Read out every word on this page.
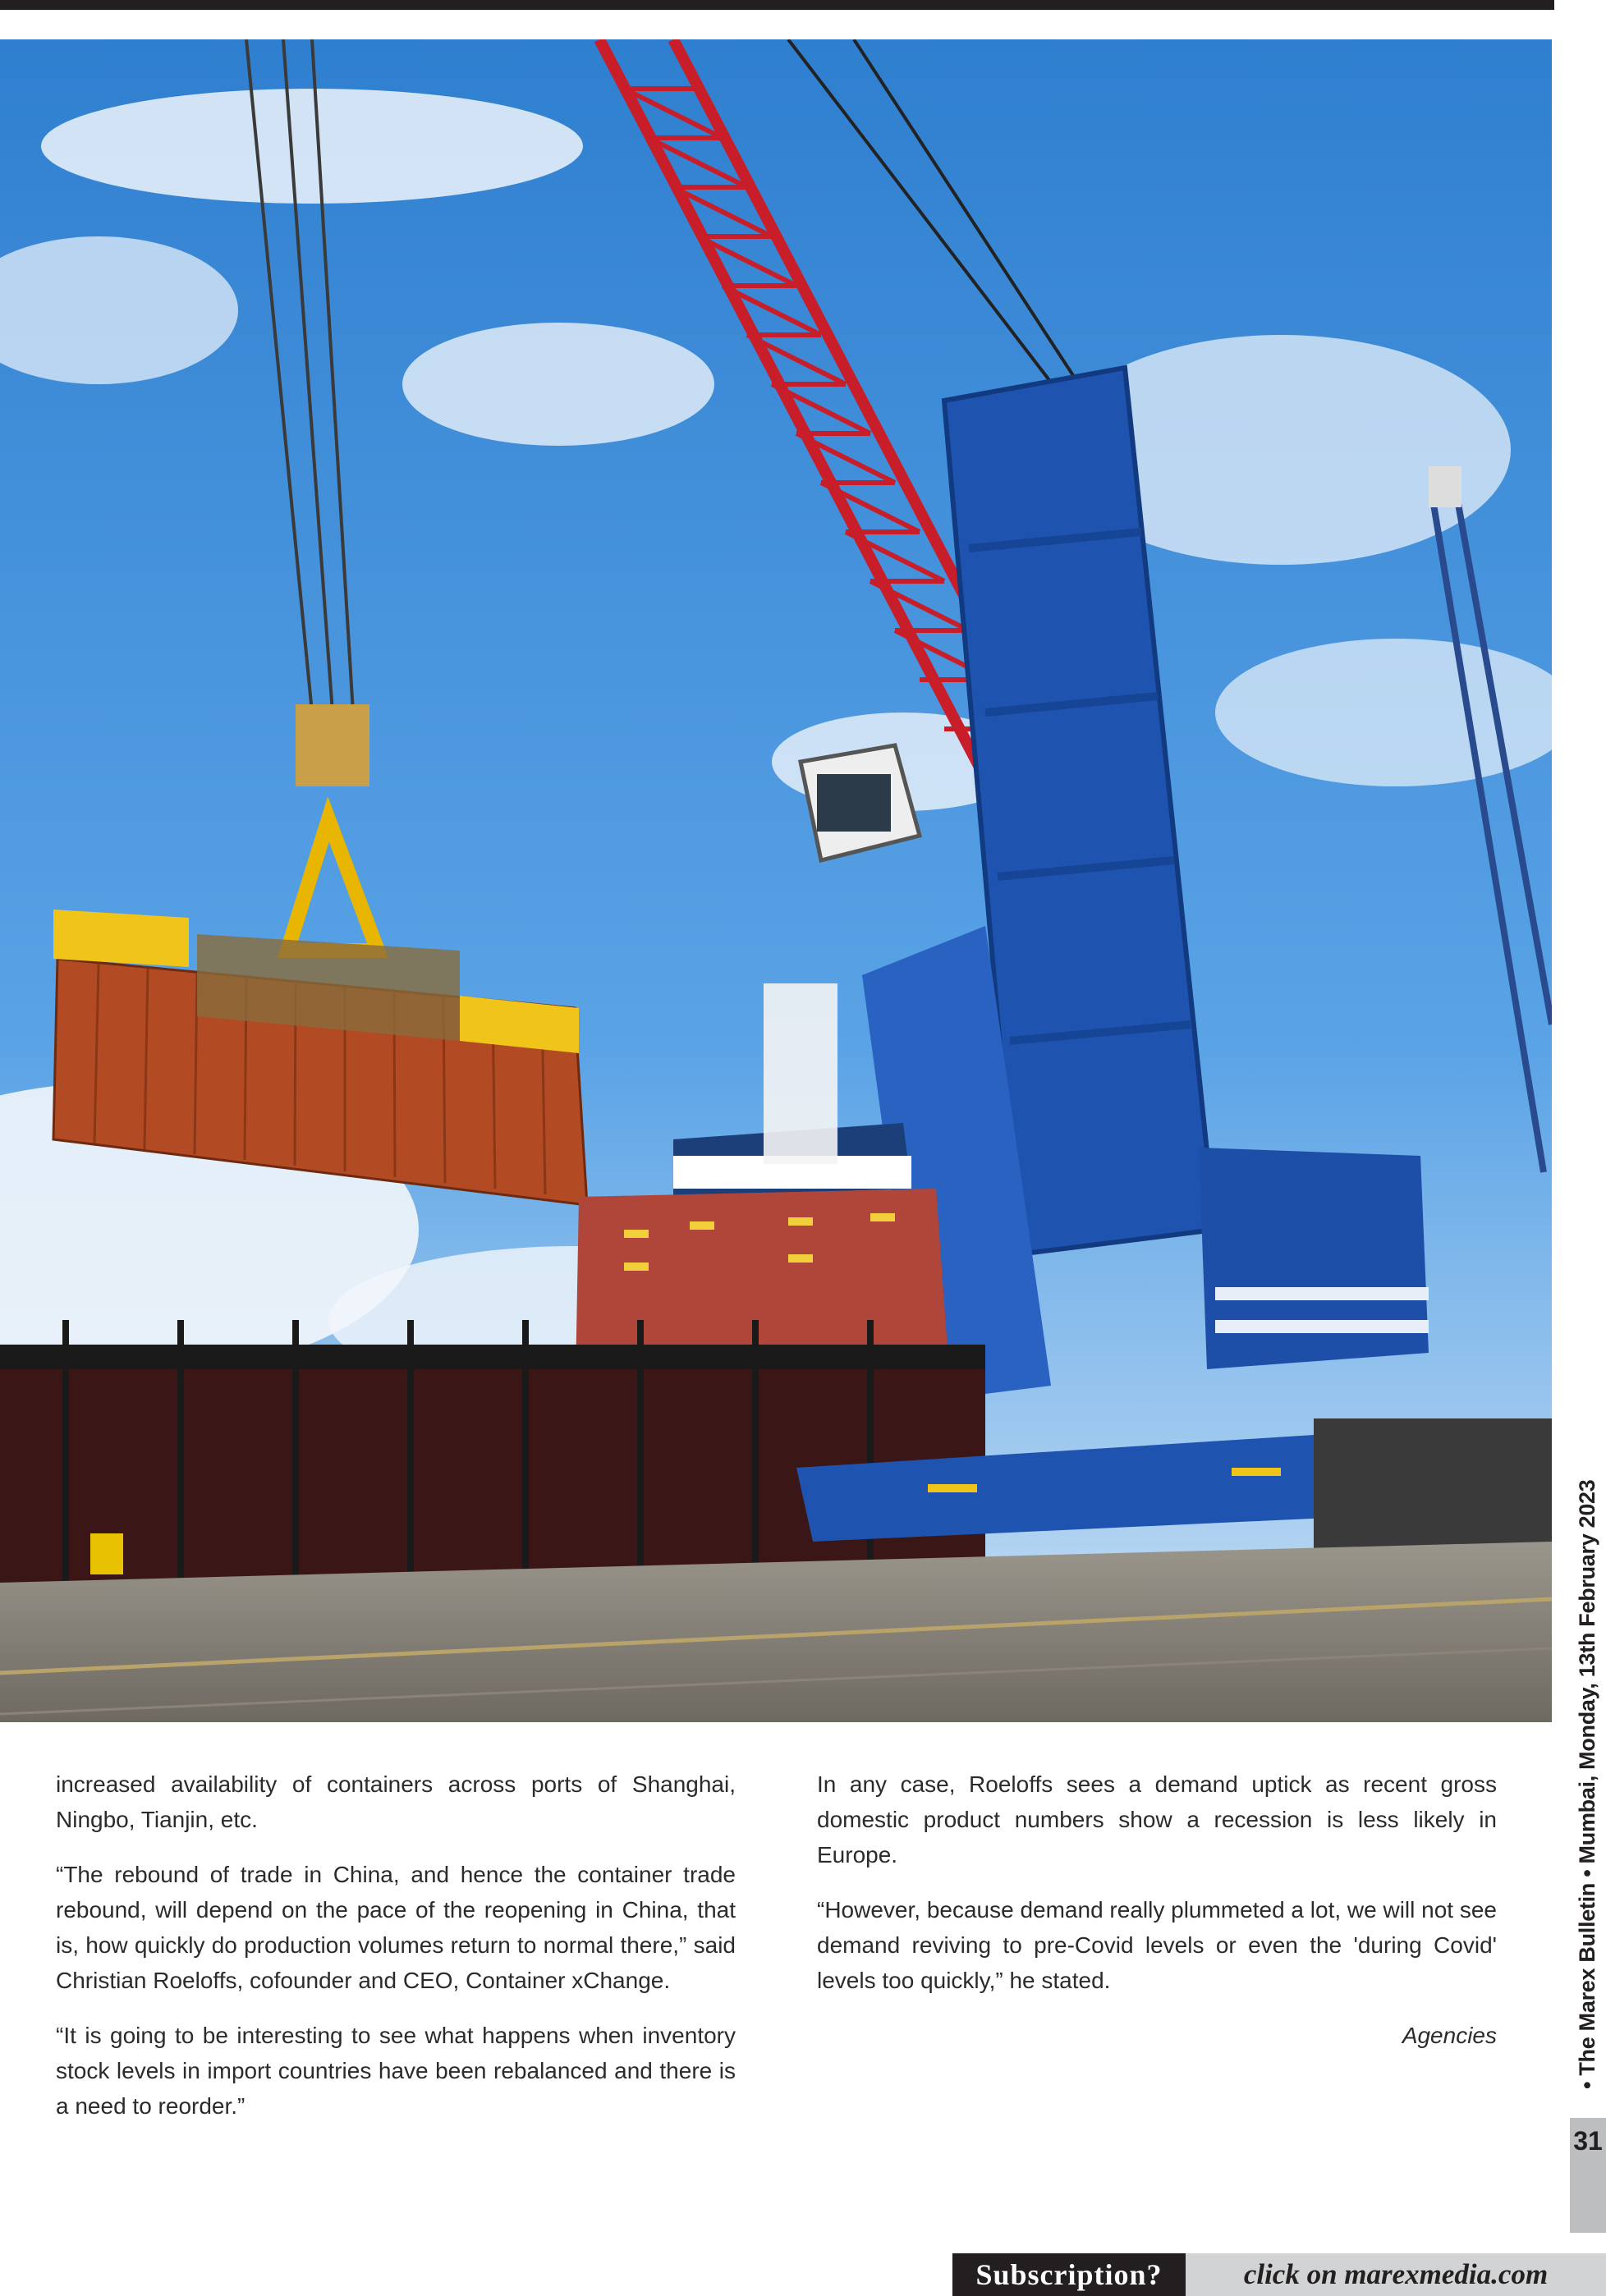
increased availability of containers across ports of Shanghai, Ningbo, Tianjin, etc.

“The rebound of trade in China, and hence the container trade rebound, will depend on the pace of the reopening in China, that is, how quickly do production volumes return to normal there,” said Christian Roeloffs, cofounder and CEO, Container xChange.

“It is going to be interesting to see what happens when inventory stock levels in import countries have been rebalanced and there is a need to reorder.”

In any case, Roeloffs sees a demand uptick as recent gross domestic product numbers show a recession is less likely in Europe.

“However, because demand really plummeted a lot, we will not see demand reviving to pre-Covid levels or even the 'during Covid' levels too quickly,” he stated.

Agencies	• The Marex Bulletin • Mumbai, Monday, 13th February 2023
31
Subscription?	click on marexmedia.com
